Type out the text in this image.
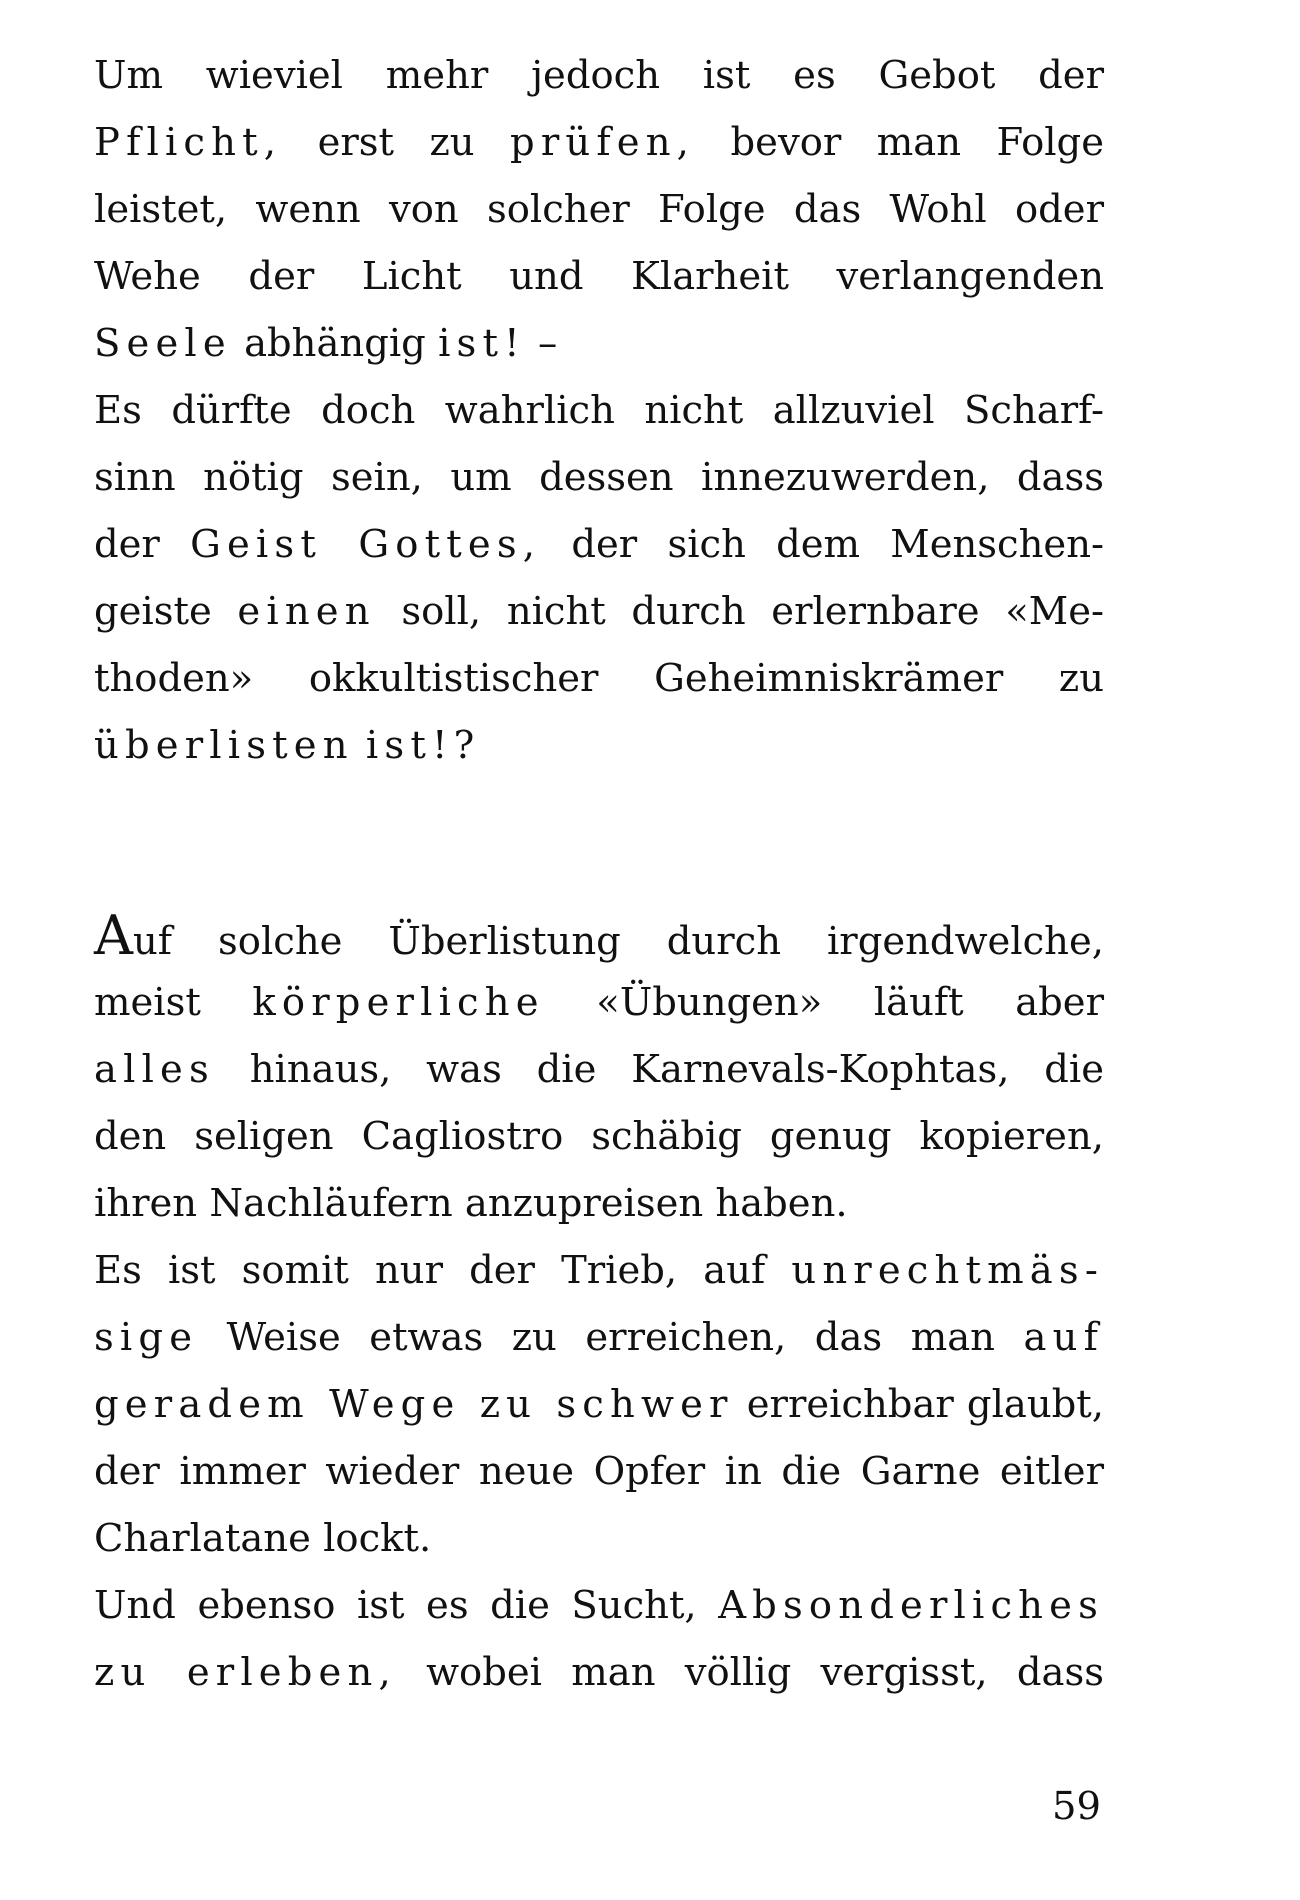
Um wieviel mehr jedoch ist es Gebot der
Pflicht, erst zu prüfen, bevor man Folge
leistet, wenn von solcher Folge das Wohl oder
Wehe der Licht und Klarheit verlangenden
Seele abhängig ist! –
Es dürfte doch wahrlich nicht allzuviel Scharf-
sinn nötig sein, um dessen innezuwerden, dass
der Geist Gottes, der sich dem Menschen-
geiste einen soll, nicht durch erlernbare «Me-
thoden» okkultistischer Geheimniskrämer zu
überlisten ist!?
Auf solche Überlistung durch irgendwelche,
meist körperliche «Übungen» läuft aber
alles hinaus, was die Karnevals-Kophtas, die
den seligen Cagliostro schäbig genug kopieren,
ihren Nachläufern anzupreisen haben.
Es ist somit nur der Trieb, auf unrechtmäs-
sige Weise etwas zu erreichen, das man auf
geradem Wege zu schwer erreichbar glaubt,
der immer wieder neue Opfer in die Garne eitler
Charlatane lockt.
Und ebenso ist es die Sucht, Absonderliches
zu erleben, wobei man völlig vergisst, dass
59
